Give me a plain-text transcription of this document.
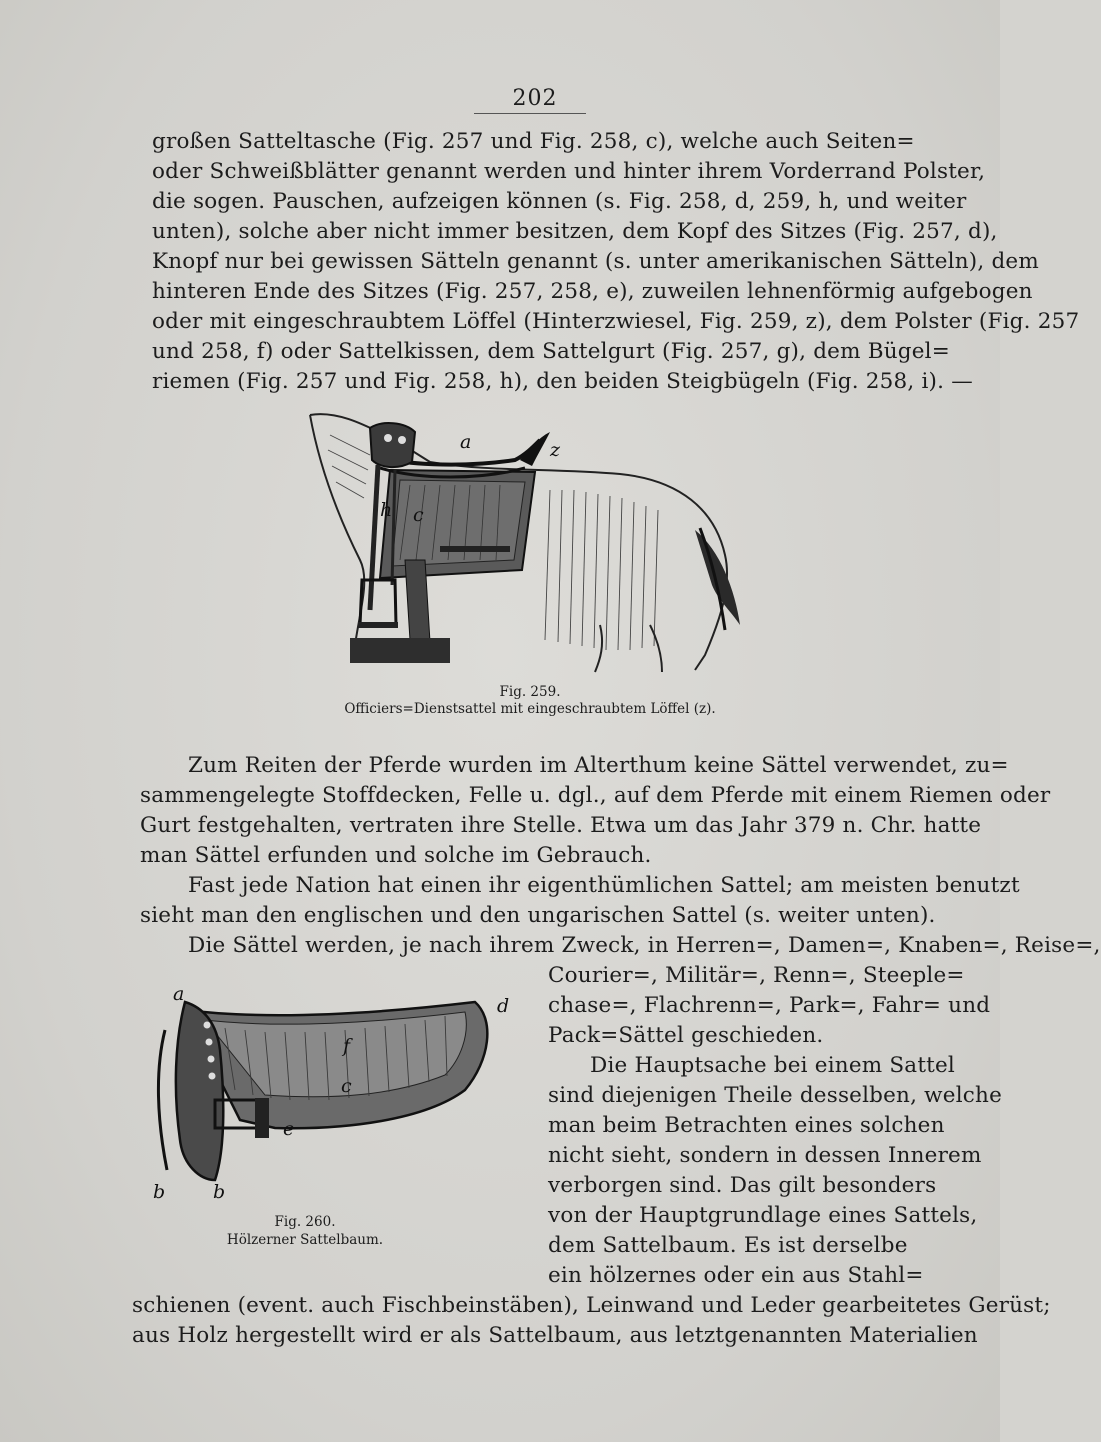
202
großen Satteltasche (Fig. 257 und Fig. 258, c), welche auch Seiten=
oder Schweißblätter genannt werden und hinter ihrem Vorderrand Polster,
die sogen. Pauschen, aufzeigen können (s. Fig. 258, d, 259, h, und weiter
unten), solche aber nicht immer besitzen, dem Kopf des Sitzes (Fig. 257, d),
Knopf nur bei gewissen Sätteln genannt (s. unter amerikanischen Sätteln), dem
hinteren Ende des Sitzes (Fig. 257, 258, e), zuweilen lehnenförmig aufgebogen
oder mit eingeschraubtem Löffel (Hinterzwiesel, Fig. 259, z), dem Polster (Fig. 257
und 258, f) oder Sattelkissen, dem Sattelgurt (Fig. 257, g), dem Bügel=
riemen (Fig. 257 und Fig. 258, h), den beiden Steigbügeln (Fig. 258, i). —
a	z
h c
Fig. 259.
Officiers=Dienstsattel mit eingeschraubtem Löffel (z).
Zum Reiten der Pferde wurden im Alterthum keine Sättel verwendet, zu=
sammengelegte Stoffdecken, Felle u. dgl., auf dem Pferde mit einem Riemen oder
Gurt festgehalten, vertraten ihre Stelle. Etwa um das Jahr 379 n. Chr. hatte
man Sättel erfunden und solche im Gebrauch.
Fast jede Nation hat einen ihr eigenthümlichen Sattel; am meisten benutzt
sieht man den englischen und den ungarischen Sattel (s. weiter unten).
Die Sättel werden, je nach ihrem Zweck, in Herren=, Damen=, Knaben=, Reise=,
Courier=, Militär=, Renn=, Steeple=
chase=, Flachrenn=, Park=, Fahr= und
Pack=Sättel geschieden.
Die Hauptsache bei einem Sattel
sind diejenigen Theile desselben, welche
man beim Betrachten eines solchen
nicht sieht, sondern in dessen Innerem
verborgen sind. Das gilt besonders
von der Hauptgrundlage eines Sattels,
dem Sattelbaum. Es ist derselbe
ein hölzernes oder ein aus Stahl=
a
d
f
c
e
b	b
Fig. 260.
Hölzerner Sattelbaum.
schienen (event. auch Fischbeinstäben), Leinwand und Leder gearbeitetes Gerüst;
aus Holz hergestellt wird er als Sattelbaum, aus letztgenannten Materialien
